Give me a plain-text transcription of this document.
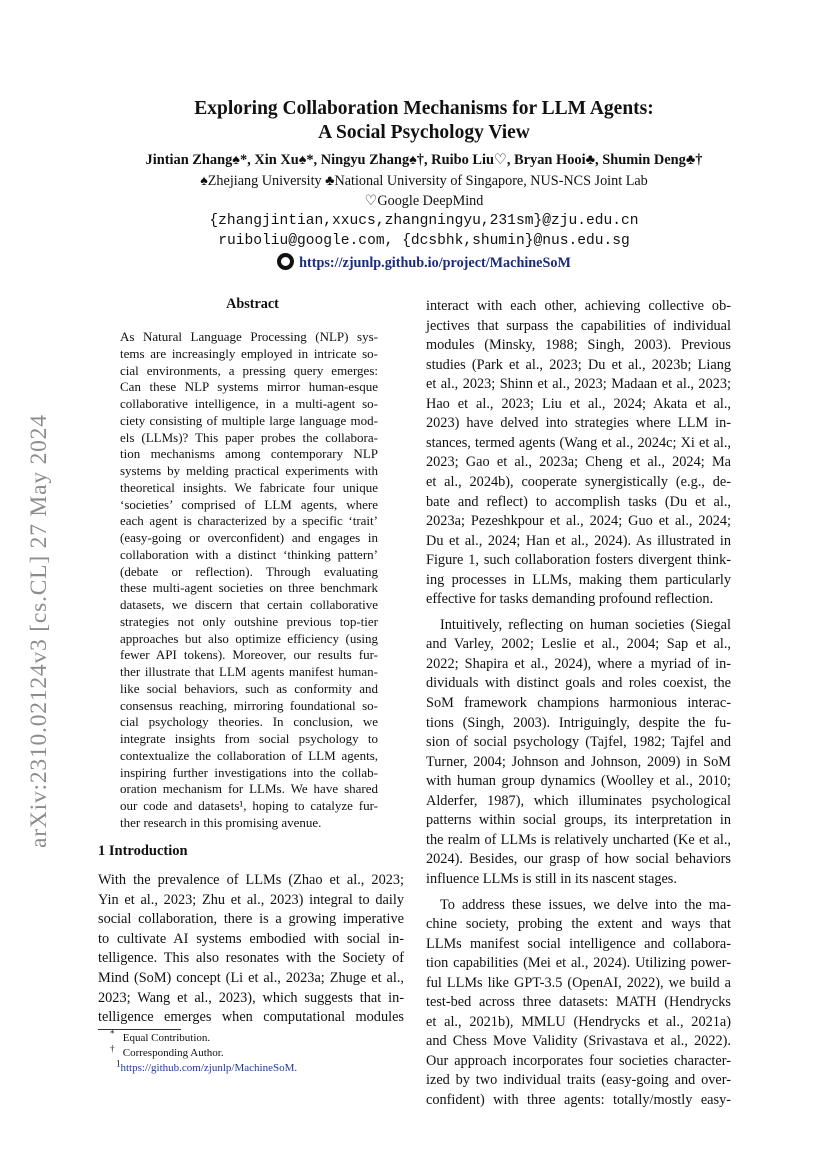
arXiv:2310.02124v3 [cs.CL] 27 May 2024
Exploring Collaboration Mechanisms for LLM Agents:
A Social Psychology View
Jintian Zhang♠*, Xin Xu♠*, Ningyu Zhang♠†, Ruibo Liu♡, Bryan Hooi♣, Shumin Deng♣†
♠Zhejiang University ♣National University of Singapore, NUS-NCS Joint Lab
♡Google DeepMind
{zhangjintian,xxucs,zhangningyu,231sm}@zju.edu.cn
ruiboliu@google.com, {dcsbhk,shumin}@nus.edu.sg
https://zjunlp.github.io/project/MachineSoM
Abstract
As Natural Language Processing (NLP) sys-
tems are increasingly employed in intricate so-
cial environments, a pressing query emerges:
Can these NLP systems mirror human-esque
collaborative intelligence, in a multi-agent so-
ciety consisting of multiple large language mod-
els (LLMs)? This paper probes the collabora-
tion mechanisms among contemporary NLP
systems by melding practical experiments with
theoretical insights. We fabricate four unique
‘societies’ comprised of LLM agents, where
each agent is characterized by a specific ‘trait’
(easy-going or overconfident) and engages in
collaboration with a distinct ‘thinking pattern’
(debate or reflection). Through evaluating
these multi-agent societies on three benchmark
datasets, we discern that certain collaborative
strategies not only outshine previous top-tier
approaches but also optimize efficiency (using
fewer API tokens). Moreover, our results fur-
ther illustrate that LLM agents manifest human-
like social behaviors, such as conformity and
consensus reaching, mirroring foundational so-
cial psychology theories. In conclusion, we
integrate insights from social psychology to
contextualize the collaboration of LLM agents,
inspiring further investigations into the collab-
oration mechanism for LLMs. We have shared
our code and datasets¹, hoping to catalyze fur-
ther research in this promising avenue.
1 Introduction
With the prevalence of LLMs (Zhao et al., 2023;
Yin et al., 2023; Zhu et al., 2023) integral to daily
social collaboration, there is a growing imperative
to cultivate AI systems embodied with social in-
telligence. This also resonates with the Society of
Mind (SoM) concept (Li et al., 2023a; Zhuge et al.,
2023; Wang et al., 2023), which suggests that in-
telligence emerges when computational modules
* Equal Contribution.
† Corresponding Author.
$^1$https://github.com/zjunlp/MachineSoM.
interact with each other, achieving collective ob-
jectives that surpass the capabilities of individual
modules (Minsky, 1988; Singh, 2003). Previous
studies (Park et al., 2023; Du et al., 2023b; Liang
et al., 2023; Shinn et al., 2023; Madaan et al., 2023;
Hao et al., 2023; Liu et al., 2024; Akata et al.,
2023) have delved into strategies where LLM in-
stances, termed agents (Wang et al., 2024c; Xi et al.,
2023; Gao et al., 2023a; Cheng et al., 2024; Ma
et al., 2024b), cooperate synergistically (e.g., de-
bate and reflect) to accomplish tasks (Du et al.,
2023a; Pezeshkpour et al., 2024; Guo et al., 2024;
Du et al., 2024; Han et al., 2024). As illustrated in
Figure 1, such collaboration fosters divergent think-
ing processes in LLMs, making them particularly
effective for tasks demanding profound reflection.
Intuitively, reflecting on human societies (Siegal
and Varley, 2002; Leslie et al., 2004; Sap et al.,
2022; Shapira et al., 2024), where a myriad of in-
dividuals with distinct goals and roles coexist, the
SoM framework champions harmonious interac-
tions (Singh, 2003). Intriguingly, despite the fu-
sion of social psychology (Tajfel, 1982; Tajfel and
Turner, 2004; Johnson and Johnson, 2009) in SoM
with human group dynamics (Woolley et al., 2010;
Alderfer, 1987), which illuminates psychological
patterns within social groups, its interpretation in
the realm of LLMs is relatively uncharted (Ke et al.,
2024). Besides, our grasp of how social behaviors
influence LLMs is still in its nascent stages.
To address these issues, we delve into the ma-
chine society, probing the extent and ways that
LLMs manifest social intelligence and collabora-
tion capabilities (Mei et al., 2024). Utilizing power-
ful LLMs like GPT-3.5 (OpenAI, 2022), we build a
test-bed across three datasets: MATH (Hendrycks
et al., 2021b), MMLU (Hendrycks et al., 2021a)
and Chess Move Validity (Srivastava et al., 2022).
Our approach incorporates four societies character-
ized by two individual traits (easy-going and over-
confident) with three agents: totally/mostly easy-
